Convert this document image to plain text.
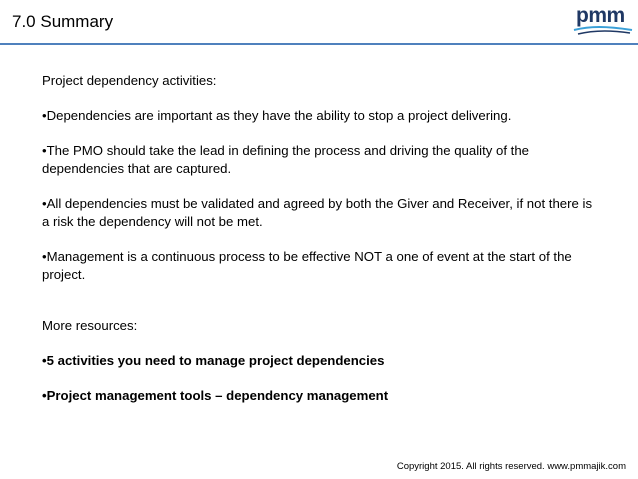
7.0 Summary	pmm

Project dependency activities:

•Dependencies are important as they have the ability to stop a project delivering.

•The PMO should take the lead in defining the process and driving the quality of the dependencies that are captured.

•All dependencies must be validated and agreed by both the Giver and Receiver, if not there is a risk the dependency will not be met.

•Management is a continuous process to be effective NOT a one of event at the start of the project.

More resources:

•5 activities you need to manage project dependencies

•Project management tools – dependency management

Copyright 2015. All rights reserved. www.pmmajik.com
